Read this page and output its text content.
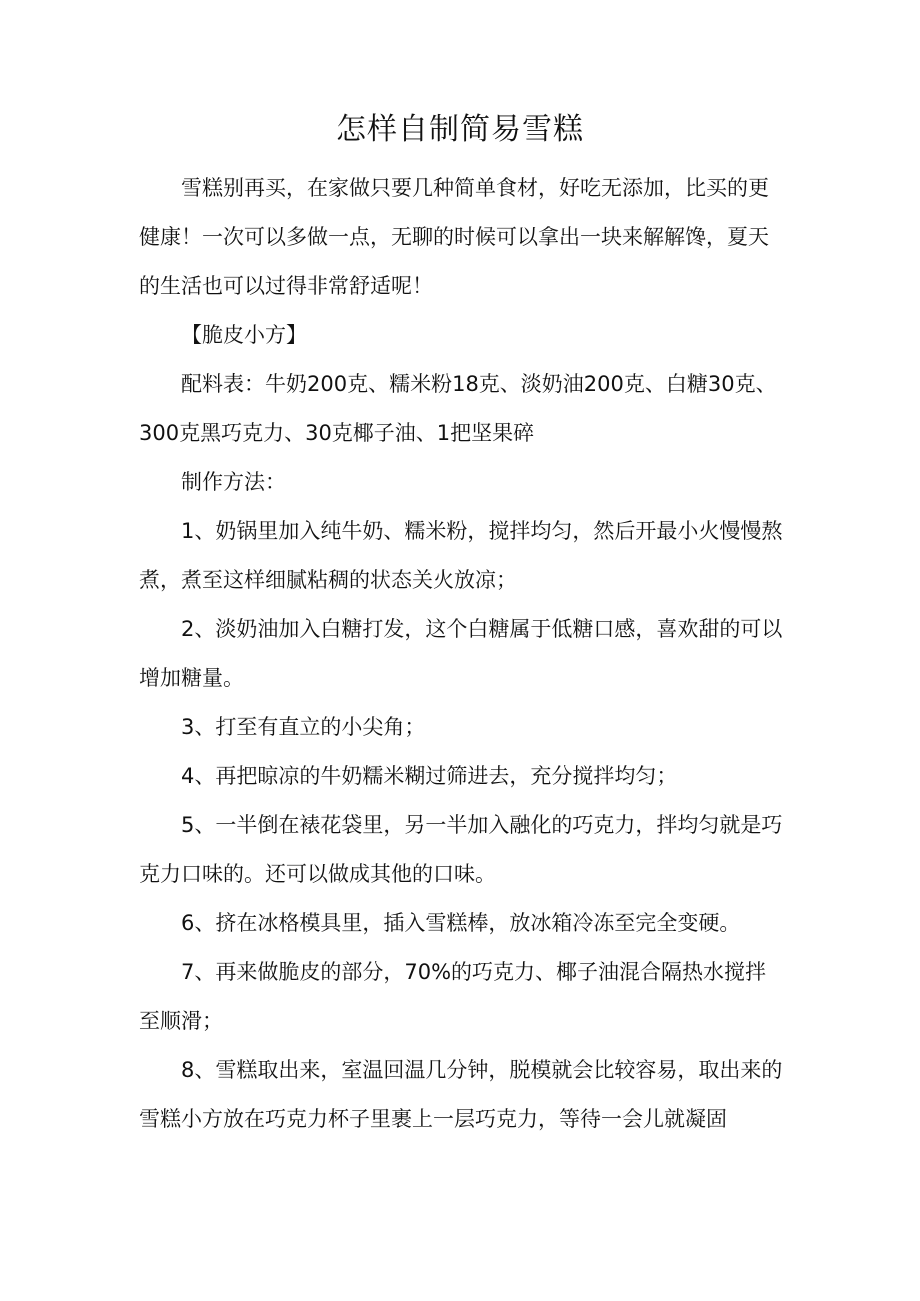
怎样自制简易雪糕

雪糕别再买，在家做只要几种简单食材，好吃无添加，比买的更健康！一次可以多做一点，无聊的时候可以拿出一块来解解馋，夏天的生活也可以过得非常舒适呢！

【脆皮小方】

配料表：牛奶200克、糯米粉18克、淡奶油200克、白糖30克、300克黑巧克力、30克椰子油、1把坚果碎

制作方法：

1、奶锅里加入纯牛奶、糯米粉，搅拌均匀，然后开最小火慢慢熬煮，煮至这样细腻粘稠的状态关火放凉；

2、淡奶油加入白糖打发，这个白糖属于低糖口感，喜欢甜的可以增加糖量。

3、打至有直立的小尖角；

4、再把晾凉的牛奶糯米糊过筛进去，充分搅拌均匀；

5、一半倒在裱花袋里，另一半加入融化的巧克力，拌均匀就是巧克力口味的。还可以做成其他的口味。

6、挤在冰格模具里，插入雪糕棒，放冰箱冷冻至完全变硬。

7、再来做脆皮的部分，70%的巧克力、椰子油混合隔热水搅拌至顺滑；

8、雪糕取出来，室温回温几分钟，脱模就会比较容易，取出来的雪糕小方放在巧克力杯子里裹上一层巧克力，等待一会儿就凝固
